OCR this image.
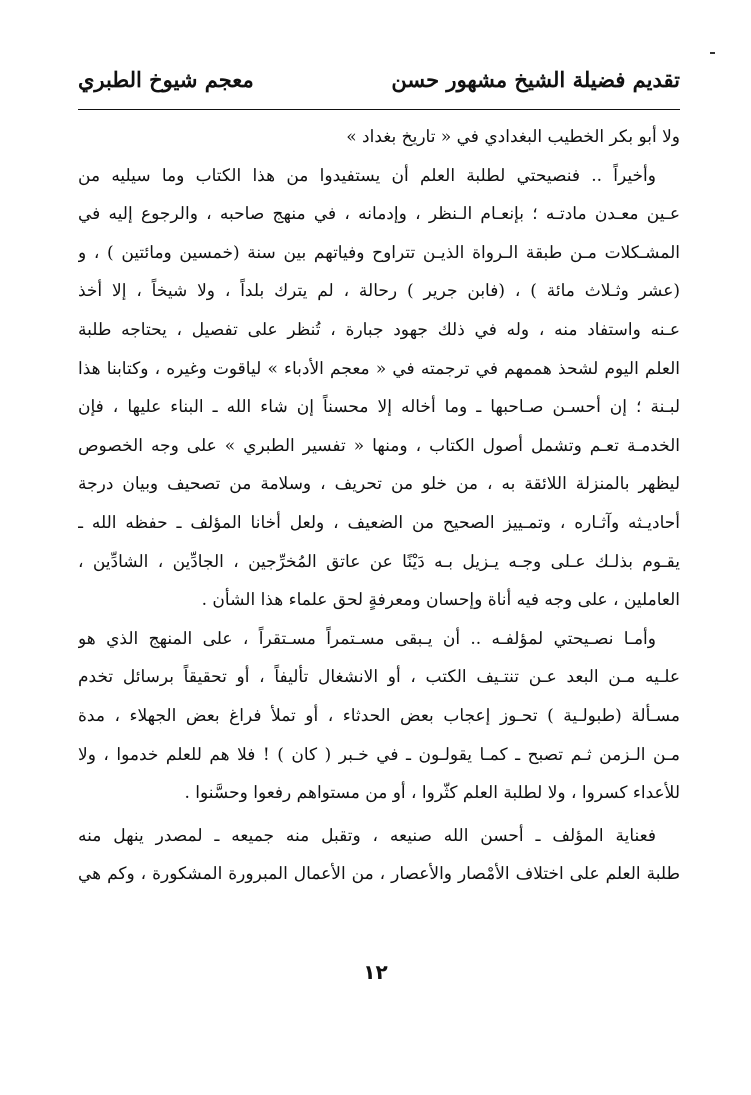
تقديم فضيلة الشيخ مشهور حسن
معجم شيوخ الطبري
ولا أبو بكر الخطيب البغدادي في « تاريخ بغداد »
وأخيراً .. فنصيحتي لطلبة العلم أن يستفيدوا من هذا الكتاب وما سيليه من
عـين معـدن مادتـه ؛ بإنعـام الـنظر ، وإدمانه ، في منهج صاحبه ، والرجوع إليه في
المشـكلات مـن طبقة الـرواة الذيـن تتراوح وفياتهم بين سنة (خمسين ومائتين ) ، و
(عشر وثـلاث مائة ) ، (فابن جرير ) رحالة ، لم يترك بلداً ، ولا شيخاً ، إلا أخذ
عـنه واستفاد منه ، وله في ذلك جهود جبارة ، تُنظر على تفصيل ، يحتاجه طلبة
العلم اليوم لشحذ هممهم في ترجمته في « معجم الأدباء » لياقوت وغيره ، وكتابنا هذا
لبـنة ؛ إن أحسـن صـاحبها ـ وما أخاله إلا محسناً إن شاء الله ـ البناء عليها ، فإن
الخدمـة تعـم وتشمل أصول الكتاب ، ومنها « تفسير الطبري » على وجه الخصوص
ليظهر بالمنزلة اللائقة به ، من خلو من تحريف ، وسلامة من تصحيف وبيان درجة
أحاديـثه وآثـاره ، وتمـييز الصحيح من الضعيف ، ولعل أخانا المؤلف ـ حفظه الله ـ
يقـوم بذلـك عـلى وجـه يـزيل بـه دَيْنًا عن عاتق المُخرِّجين ، الجادِّين ، الشادِّين ،
العاملين ، على وجه فيه أناة وإحسان ومعرفةٍ لحق علماء هذا الشأن .
وأمـا نصـيحتي لمؤلفـه .. أن يـبقى مسـتمراً مسـتقراً ، على المنهج الذي هو
علـيه مـن البعد عـن تنتـيف الكتب ، أو الانشغال تأليفاً ، أو تحقيقاً برسائل تخدم
مسـألة (طبولـية ) تحـوز إعجاب بعض الحدثاء ، أو تملأ فراغ بعض الجهلاء ، مدة
مـن الـزمن ثـم تصبح ـ كمـا يقولـون ـ في خـبر ( كان ) ! فلا هم للعلم خدموا ، ولا
للأعداء كسروا ، ولا لطلبة العلم كثّروا ، أو من مستواهم رفعوا وحسَّنوا .
فعناية المؤلف ـ أحسن الله صنيعه ، وتقبل منه جميعه ـ لمصدر ينهل منه
طلبة العلم على اختلاف الأمْصار والأعصار ، من الأعمال المبرورة المشكورة ، وكم هي
١٢
